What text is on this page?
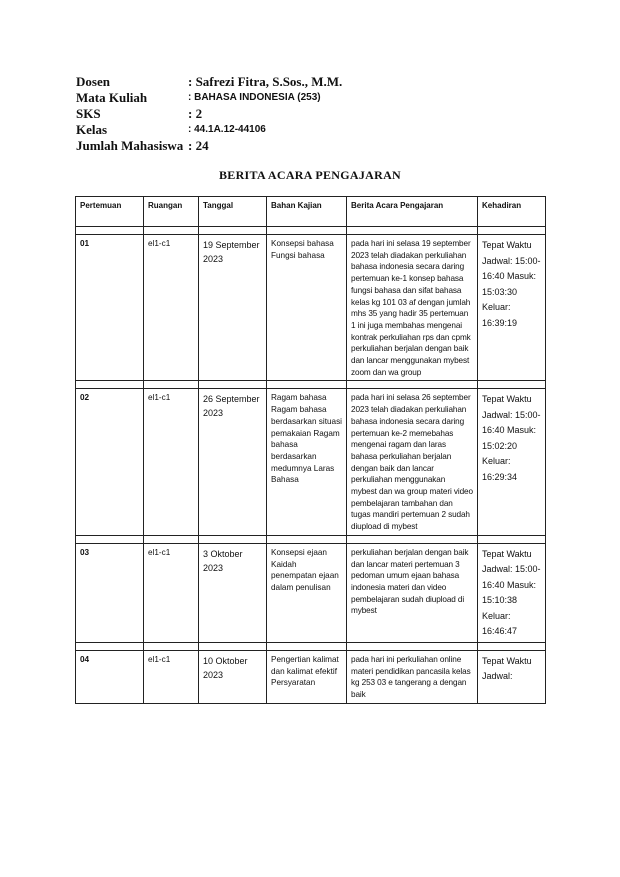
Dosen	: Safrezi Fitra, S.Sos., M.M.
Mata Kuliah	: BAHASA INDONESIA (253)
SKS	: 2
Kelas	: 44.1A.12-44106
Jumlah Mahasiswa : 24
BERITA ACARA PENGAJARAN
Pertemuan	Ruangan	Tanggal	Bahan Kajian	Berita Acara Pengajaran	Kehadiran

01	el1-c1	19 September 2023	Konsepsi bahasa Fungsi bahasa	pada hari ini selasa 19 september 2023 telah diadakan perkuliahan bahasa indonesia secara daring pertemuan ke-1 konsep bahasa fungsi bahasa dan sifat bahasa kelas kg 101 03 af dengan jumlah mhs 35 yang hadir 35 pertemuan 1 ini juga membahas mengenai kontrak perkuliahan rps dan cpmk perkuliahan berjalan dengan baik dan lancar menggunakan mybest zoom dan wa group	Tepat Waktu Jadwal: 15:00-16:40 Masuk: 15:03:30 Keluar: 16:39:19

02	el1-c1	26 September 2023	Ragam bahasa Ragam bahasa berdasarkan situasi pemakaian Ragam bahasa berdasarkan medumnya Laras Bahasa	pada hari ini selasa 26 september 2023 telah diadakan perkuliahan bahasa indonesia secara daring pertemuan ke-2 memebahas mengenai ragam dan laras bahasa perkuliahan berjalan dengan baik dan lancar perkuliahan menggunakan mybest dan wa group materi video pembelajaran tambahan dan tugas mandiri pertemuan 2 sudah diupload di mybest	Tepat Waktu Jadwal: 15:00-16:40 Masuk: 15:02:20 Keluar: 16:29:34

03	el1-c1	3 Oktober 2023	Konsepsi ejaan Kaidah penempatan ejaan dalam penulisan	perkuliahan berjalan dengan baik dan lancar materi pertemuan 3 pedoman umum ejaan bahasa indonesia materi dan video pembelajaran sudah diupload di mybest	Tepat Waktu Jadwal: 15:00-16:40 Masuk: 15:10:38 Keluar: 16:46:47

04	el1-c1	10 Oktober 2023	Pengertian kalimat dan kalimat efektif Persyaratan	pada hari ini perkuliahan online materi pendidikan pancasila kelas kg 253 03 e tangerang a dengan baik	Tepat Waktu Jadwal:
